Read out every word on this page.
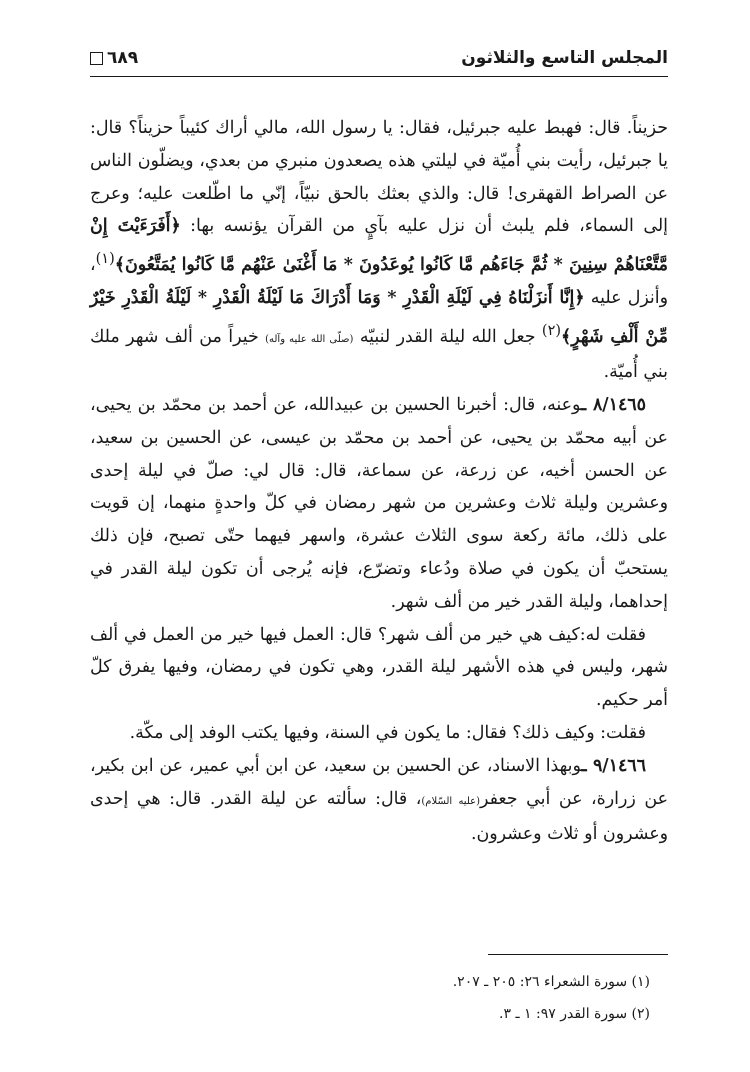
المجلس التاسع والثلاثون
٦٨٩

حزيناً. قال: فهبط عليه جبرئيل، فقال: يا رسول الله، مالي أراك كئيباً حزيناً؟ قال: يا جبرئيل، رأيت بني أُميّة في ليلتي هذه يصعدون منبري من بعدي، ويضلّون الناس عن الصراط القهقرى! قال: والذي بعثك بالحق نبيّاً، إنّي ما اطّلعت عليه؛ وعرج إلى السماء، فلم يلبث أن نزل عليه بآيٍ من القرآن يؤنسه بها: ﴿أَفَرَءَيْتَ إِنْ مَّتَّعْنَاهُمْ سِنِينَ * ثُمَّ جَاءَهُم مَّا كَانُوا يُوعَدُونَ * مَا أَغْنَىٰ عَنْهُم مَّا كَانُوا يُمَتَّعُونَ﴾$^{(١)}$، وأنزل عليه ﴿إِنَّا أَنزَلْنَاهُ فِي لَيْلَةِ الْقَدْرِ * وَمَا أَدْرَاكَ مَا لَيْلَةُ الْقَدْرِ * لَيْلَةُ الْقَدْرِ خَيْرٌ مِّنْ أَلْفِ شَهْرٍ﴾$^{(٢)}$ جعل الله ليلة القدر لنبيّه (صلّى الله عليه وآله) خيراً من ألف شهر ملك بني أُميّة.

٨/١٤٦٥ ـوعنه، قال: أخبرنا الحسين بن عبيدالله، عن أحمد بن محمّد بن يحيى، عن أبيه محمّد بن يحيى، عن أحمد بن محمّد بن عيسى، عن الحسين بن سعيد، عن الحسن أخيه، عن زرعة، عن سماعة، قال: قال لي: صلّ في ليلة إحدى وعشرين وليلة ثلاث وعشرين من شهر رمضان في كلّ واحدةٍ منهما، إن قويت على ذلك، مائة ركعة سوى الثلاث عشرة، واسهر فيهما حتّى تصبح، فإن ذلك يستحبّ أن يكون في صلاة ودُعاء وتضرّع، فإنه يُرجى أن تكون ليلة القدر في إحداهما، وليلة القدر خير من ألف شهر.

فقلت له:كيف هي خير من ألف شهر؟ قال: العمل فيها خير من العمل في ألف شهر، وليس في هذه الأشهر ليلة القدر، وهي تكون في رمضان، وفيها يفرق كلّ أمر حكيم.

فقلت: وكيف ذلك؟ فقال: ما يكون في السنة، وفيها يكتب الوفد إلى مكّة.

٩/١٤٦٦ ـوبهذا الاسناد، عن الحسين بن سعيد، عن ابن أبي عمير، عن ابن بكير، عن زرارة، عن أبي جعفر(عليه السّلام)، قال: سألته عن ليلة القدر. قال: هي إحدى وعشرون أو ثلاث وعشرون.

(١) سورة الشعراء ٢٦: ٢٠٥ ـ ٢٠٧.

(٢) سورة القدر ٩٧: ١ ـ ٣.
